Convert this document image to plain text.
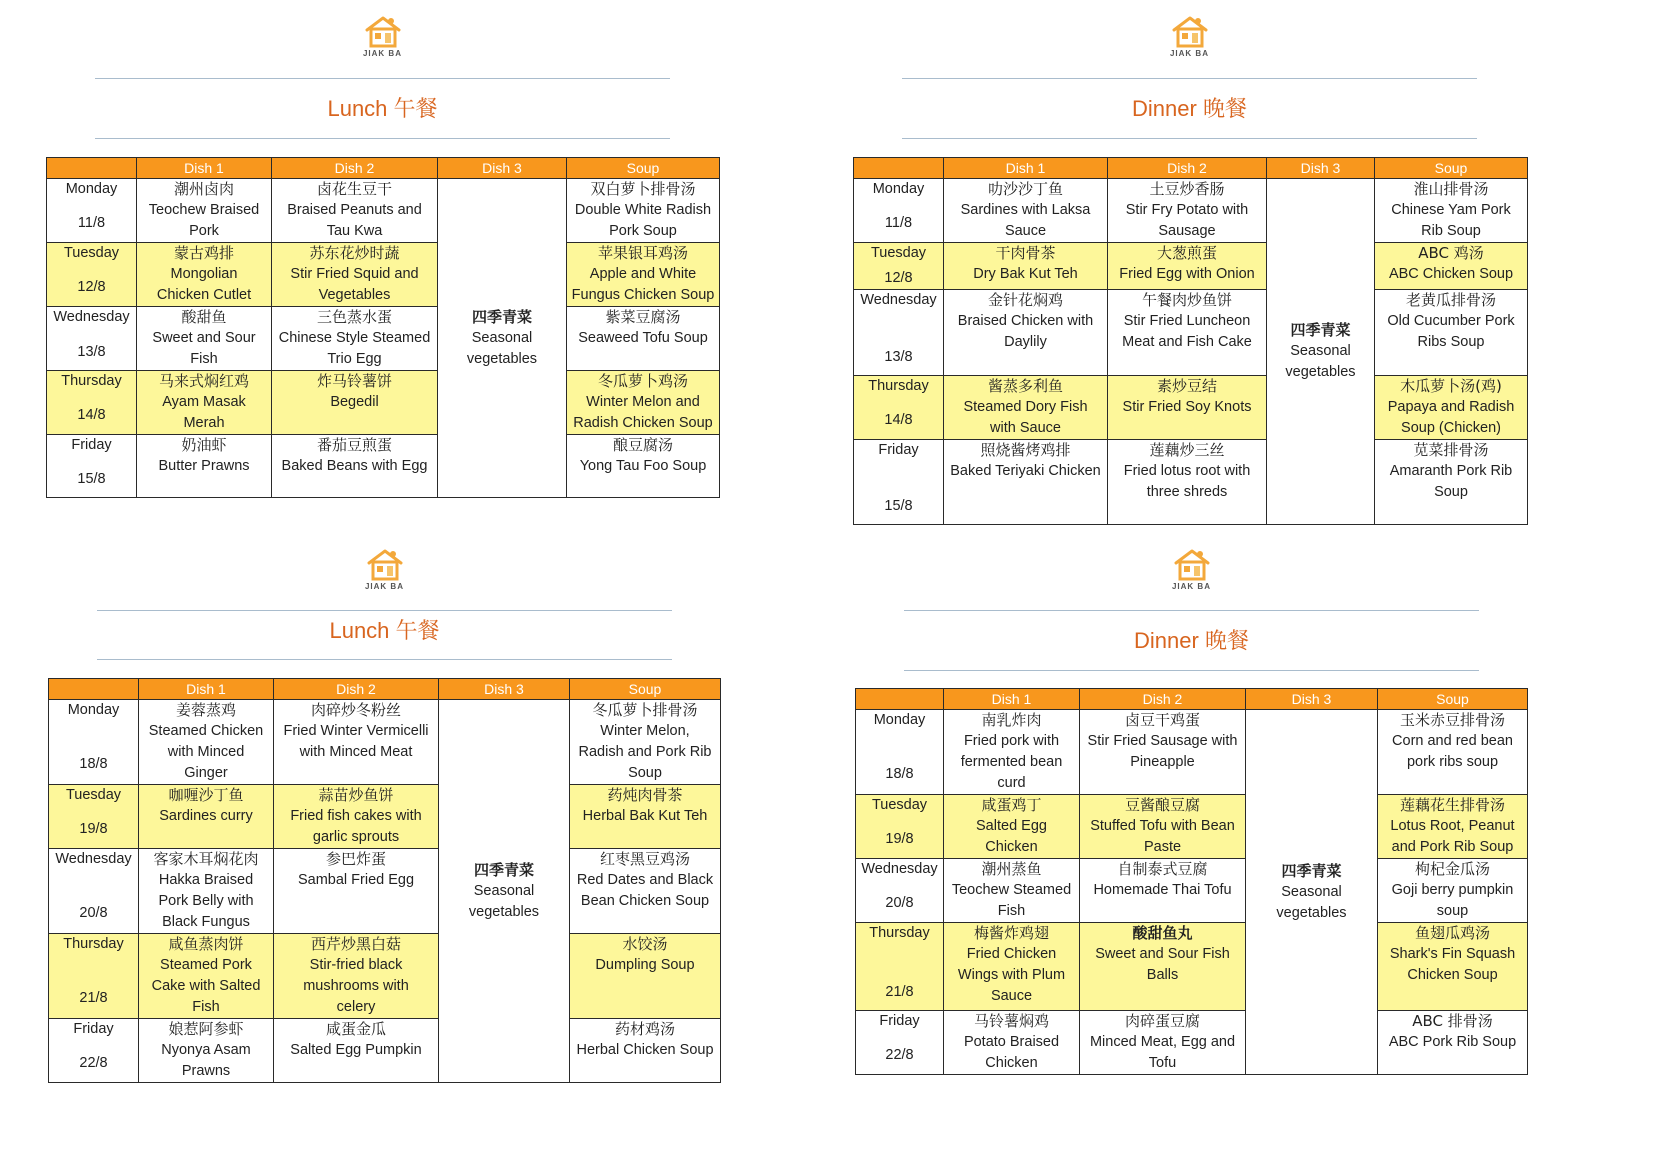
JIAK BA
Lunch 午餐
	Dish 1	Dish 2	Dish 3	Soup

Monday
11/8	潮州卤肉
Teochew Braised
Pork	卤花生豆干
Braised Peanuts and
Tau Kwa	四季青菜
Seasonal
vegetables	双白萝卜排骨汤
Double White Radish
Pork Soup

Tuesday
12/8	蒙古鸡排
Mongolian
Chicken Cutlet	苏东花炒时蔬
Stir Fried Squid and
Vegetables		苹果银耳鸡汤
Apple and White
Fungus Chicken Soup

Wednesday
13/8	酸甜鱼
Sweet and Sour
Fish	三色蒸水蛋
Chinese Style Steamed
Trio Egg		紫菜豆腐汤
Seaweed Tofu Soup

Thursday
14/8	马来式焖红鸡
Ayam Masak
Merah	炸马铃薯饼
Begedil		冬瓜萝卜鸡汤
Winter Melon and
Radish Chicken Soup

Friday
15/8	奶油虾
Butter Prawns	番茄豆煎蛋
Baked Beans with Egg		酿豆腐汤
Yong Tau Foo Soup
JIAK BA
Dinner 晚餐
	Dish 1	Dish 2	Dish 3	Soup

Monday
11/8	叻沙沙丁鱼
Sardines with Laksa
Sauce	土豆炒香肠
Stir Fry Potato with
Sausage	四季青菜
Seasonal
vegetables	淮山排骨汤
Chinese Yam Pork
Rib Soup

Tuesday
12/8	干肉骨茶
Dry Bak Kut Teh	大葱煎蛋
Fried Egg with Onion		ABC 鸡汤
ABC Chicken Soup

Wednesday
13/8	金针花焖鸡
Braised Chicken with
Daylily	午餐肉炒鱼饼
Stir Fried Luncheon
Meat and Fish Cake		老黄瓜排骨汤
Old Cucumber Pork
Ribs Soup

Thursday
14/8	酱蒸多利鱼
Steamed Dory Fish
with Sauce	素炒豆结
Stir Fried Soy Knots		木瓜萝卜汤(鸡)
Papaya and Radish
Soup (Chicken)

Friday
15/8	照烧酱烤鸡排
Baked Teriyaki Chicken	莲藕炒三丝
Fried lotus root with
three shreds		苋菜排骨汤
Amaranth Pork Rib
Soup
JIAK BA
Lunch 午餐
	Dish 1	Dish 2	Dish 3	Soup

Monday
18/8	姜蓉蒸鸡
Steamed Chicken
with Minced
Ginger	肉碎炒冬粉丝
Fried Winter Vermicelli
with Minced Meat	四季青菜
Seasonal
vegetables	冬瓜萝卜排骨汤
Winter Melon,
Radish and Pork Rib
Soup

Tuesday
19/8	咖喱沙丁鱼
Sardines curry	蒜苗炒鱼饼
Fried fish cakes with
garlic sprouts		药炖肉骨茶
Herbal Bak Kut Teh

Wednesday
20/8	客家木耳焖花肉
Hakka Braised
Pork Belly with
Black Fungus	参巴炸蛋
Sambal Fried Egg		红枣黑豆鸡汤
Red Dates and Black
Bean Chicken Soup

Thursday
21/8	咸鱼蒸肉饼
Steamed Pork
Cake with Salted
Fish	西芹炒黑白菇
Stir-fried black
mushrooms with
celery		水饺汤
Dumpling Soup

Friday
22/8	娘惹阿参虾
Nyonya Asam
Prawns	咸蛋金瓜
Salted Egg Pumpkin		药材鸡汤
Herbal Chicken Soup
JIAK BA
Dinner 晚餐
	Dish 1	Dish 2	Dish 3	Soup

Monday
18/8	南乳炸肉
Fried pork with
fermented bean
curd	卤豆干鸡蛋
Stir Fried Sausage with
Pineapple	四季青菜
Seasonal
vegetables	玉米赤豆排骨汤
Corn and red bean
pork ribs soup

Tuesday
19/8	咸蛋鸡丁
Salted Egg
Chicken	豆酱酿豆腐
Stuffed Tofu with Bean
Paste		莲藕花生排骨汤
Lotus Root, Peanut
and Pork Rib Soup

Wednesday
20/8	潮州蒸鱼
Teochew Steamed
Fish	自制泰式豆腐
Homemade Thai Tofu		枸杞金瓜汤
Goji berry pumpkin
soup

Thursday
21/8	梅酱炸鸡翅
Fried Chicken
Wings with Plum
Sauce	酸甜鱼丸
Sweet and Sour Fish
Balls		鱼翅瓜鸡汤
Shark's Fin Squash
Chicken Soup

Friday
22/8	马铃薯焖鸡
Potato Braised
Chicken	肉碎蛋豆腐
Minced Meat, Egg and
Tofu		ABC 排骨汤
ABC Pork Rib Soup
